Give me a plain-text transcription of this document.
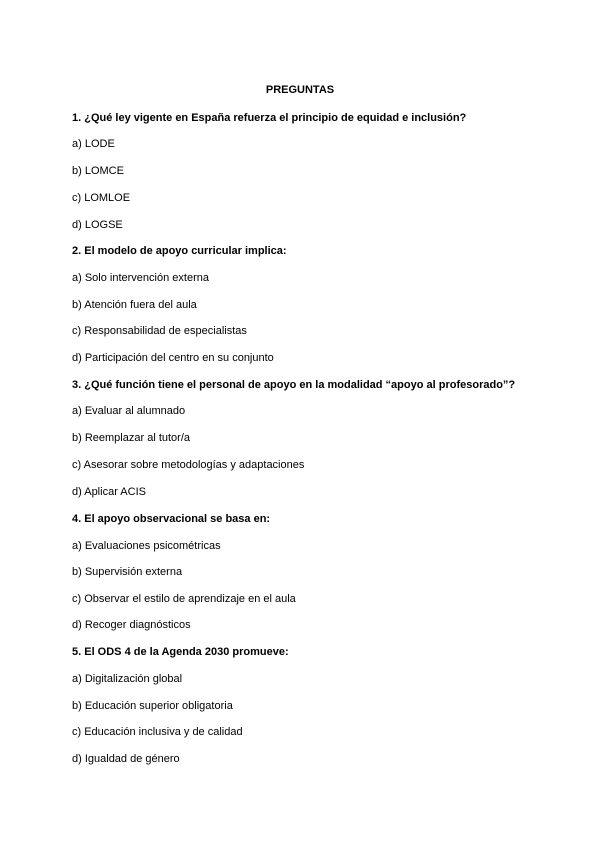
PREGUNTAS
1. ¿Qué ley vigente en España refuerza el principio de equidad e inclusión?
a) LODE
b) LOMCE
c) LOMLOE
d) LOGSE
2. El modelo de apoyo curricular implica:
a) Solo intervención externa
b) Atención fuera del aula
c) Responsabilidad de especialistas
d) Participación del centro en su conjunto
3. ¿Qué función tiene el personal de apoyo en la modalidad “apoyo al profesorado”?
a) Evaluar al alumnado
b) Reemplazar al tutor/a
c) Asesorar sobre metodologías y adaptaciones
d) Aplicar ACIS
4. El apoyo observacional se basa en:
a) Evaluaciones psicométricas
b) Supervisión externa
c) Observar el estilo de aprendizaje en el aula
d) Recoger diagnósticos
5. El ODS 4 de la Agenda 2030 promueve:
a) Digitalización global
b) Educación superior obligatoria
c) Educación inclusiva y de calidad
d) Igualdad de género
